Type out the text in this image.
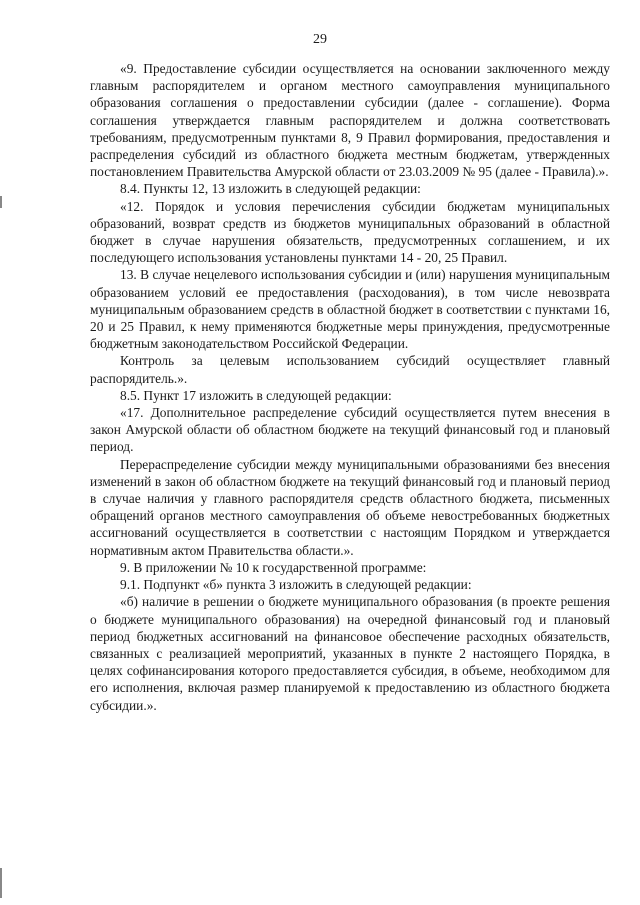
29

«9. Предоставление субсидии осуществляется на основании заключенного между главным распорядителем и органом местного самоуправления муниципального образования соглашения о предоставлении субсидии (далее - соглашение). Форма соглашения утверждается главным распорядителем и должна соответствовать требованиям, предусмотренным пунктами 8, 9 Правил формирования, предоставления и распределения субсидий из областного бюджета местным бюджетам, утвержденных постановлением Правительства Амурской области от 23.03.2009 № 95 (далее - Правила).».

8.4. Пункты 12, 13 изложить в следующей редакции:

«12. Порядок и условия перечисления субсидии бюджетам муниципальных образований, возврат средств из бюджетов муниципальных образований в областной бюджет в случае нарушения обязательств, предусмотренных соглашением, и их последующего использования установлены пунктами 14 - 20, 25 Правил.

13. В случае нецелевого использования субсидии и (или) нарушения муниципальным образованием условий ее предоставления (расходования), в том числе невозврата муниципальным образованием средств в областной бюджет в соответствии с пунктами 16, 20 и 25 Правил, к нему применяются бюджетные меры принуждения, предусмотренные бюджетным законодательством Российской Федерации.

Контроль за целевым использованием субсидий осуществляет главный распорядитель.».

8.5. Пункт 17 изложить в следующей редакции:

«17. Дополнительное распределение субсидий осуществляется путем внесения в закон Амурской области об областном бюджете на текущий финансовый год и плановый период.

Перераспределение субсидии между муниципальными образованиями без внесения изменений в закон об областном бюджете на текущий финансовый год и плановый период в случае наличия у главного распорядителя средств областного бюджета, письменных обращений органов местного самоуправления об объеме невостребованных бюджетных ассигнований осуществляется в соответствии с настоящим Порядком и утверждается нормативным актом Правительства области.».

9. В приложении № 10 к государственной программе:

9.1. Подпункт «б» пункта 3 изложить в следующей редакции:

«б) наличие в решении о бюджете муниципального образования (в проекте решения о бюджете муниципального образования) на очередной финансовый год и плановый период бюджетных ассигнований на финансовое обеспечение расходных обязательств, связанных с реализацией мероприятий, указанных в пункте 2 настоящего Порядка, в целях софинансирования которого предоставляется субсидия, в объеме, необходимом для его исполнения, включая размер планируемой к предоставлению из областного бюджета субсидии.».
